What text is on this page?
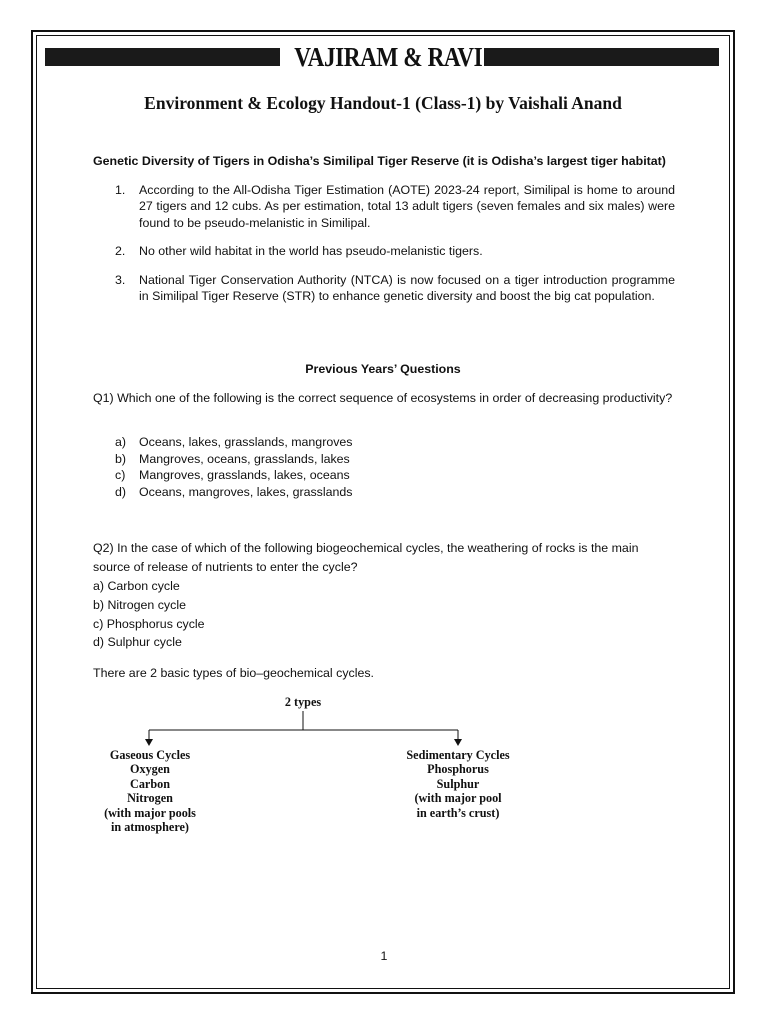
VAJIRAM & RAVI
Environment & Ecology Handout-1 (Class-1) by Vaishali Anand
Genetic Diversity of Tigers in Odisha’s Similipal Tiger Reserve (it is Odisha’s largest tiger habitat)
1. According to the All-Odisha Tiger Estimation (AOTE) 2023-24 report, Similipal is home to around 27 tigers and 12 cubs. As per estimation, total 13 adult tigers (seven females and six males) were found to be pseudo-melanistic in Similipal.
2. No other wild habitat in the world has pseudo-melanistic tigers.
3. National Tiger Conservation Authority (NTCA) is now focused on a tiger introduction programme in Similipal Tiger Reserve (STR) to enhance genetic diversity and boost the big cat population.
Previous Years’ Questions
Q1) Which one of the following is the correct sequence of ecosystems in order of decreasing productivity?
a) Oceans, lakes, grasslands, mangroves
b) Mangroves, oceans, grasslands, lakes
c) Mangroves, grasslands, lakes, oceans
d) Oceans, mangroves, lakes, grasslands
Q2) In the case of which of the following biogeochemical cycles, the weathering of rocks is the main source of release of nutrients to enter the cycle?
a) Carbon cycle
b) Nitrogen cycle
c) Phosphorus cycle
d) Sulphur cycle
There are 2 basic types of bio–geochemical cycles.
2 types
Gaseous Cycles
Oxygen
Carbon
Nitrogen
(with major pools
in atmosphere)
Sedimentary Cycles
Phosphorus
Sulphur
(with major pool
in earth’s crust)
1
